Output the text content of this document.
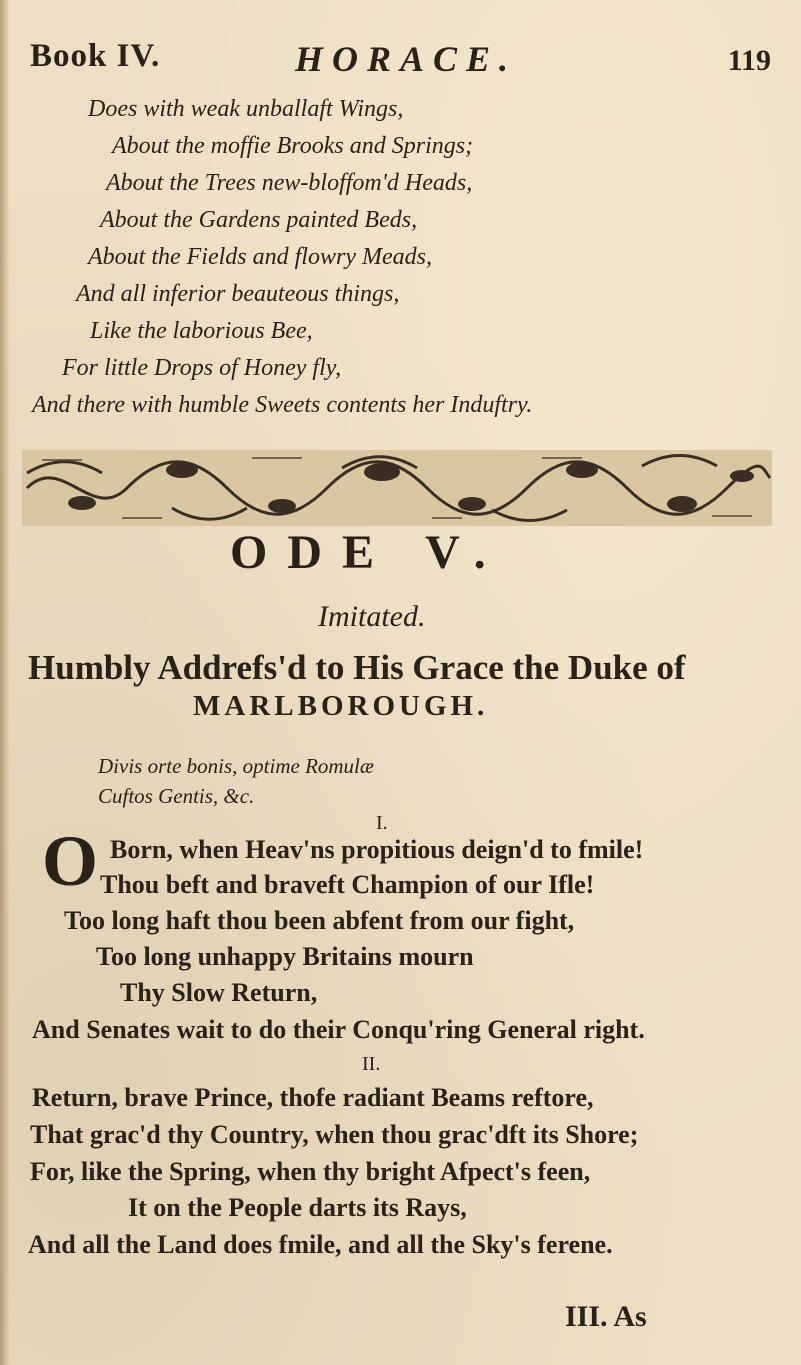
Book IV.	HORACE.	119
Does with weak unballaft Wings,
About the moffie Brooks and Springs;
About the Trees new-bloffom'd Heads,
About the Gardens painted Beds,
About the Fields and flowry Meads,
And all inferior beauteous things,
Like the laborious Bee,
For little Drops of Honey fly,
And there with humble Sweets contents her Induftry.
ODE V.
Imitated.
Humbly Addrefs'd to His Grace the Duke of
MARLBOROUGH.
Divis orte bonis, optime Romulæ
Cuftos Gentis, &c.
I.
O Born, when Heav'ns propitious deign'd to fmile!
Thou beft and braveft Champion of our Ifle!
Too long haft thou been abfent from our fight,
Too long unhappy Britains mourn
Thy Slow Return,
And Senates wait to do their Conqu'ring General right.
II.
Return, brave Prince, thofe radiant Beams reftore,
That grac'd thy Country, when thou grac'dft its Shore;
For, like the Spring, when thy bright Afpect's feen,
It on the People darts its Rays,
And all the Land does fmile, and all the Sky's ferene.
III. As
